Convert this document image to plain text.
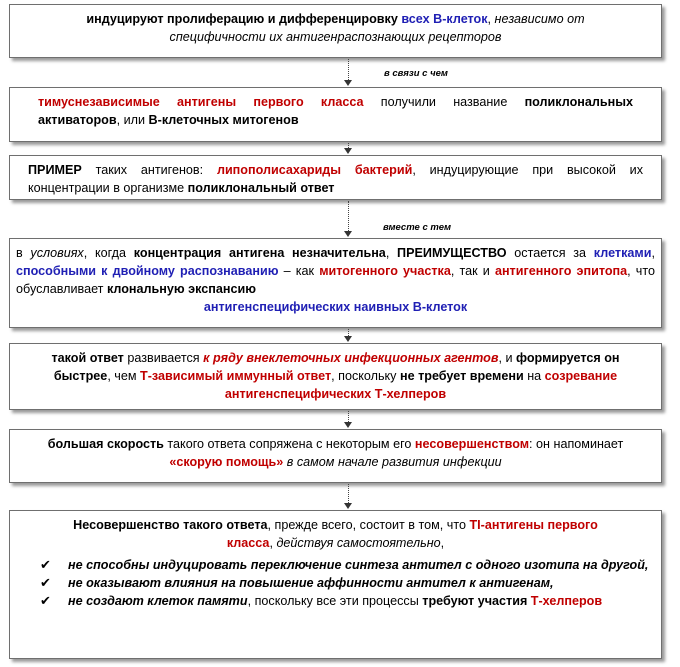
индуцируют пролиферацию и дифференцировку всех В-клеток, независимо от специфичности их антигенраспознающих рецепторов
в связи с чем
тимуснезависимые антигены первого класса получили название поликлональных активаторов, или В-клеточных митогенов
ПРИМЕР таких антигенов: липополисахариды бактерий, индуцирующие при высокой их концентрации в организме поликлональный ответ
вместе с тем
в условиях, когда концентрация антигена незначительна, ПРЕИМУЩЕСТВО остается за клетками, способными к двойному распознаванию – как митогенного участка, так и антигенного эпитопа, что обуславливает клональную экспансию
антигенспецифических наивных В-клеток
такой ответ развивается к ряду внеклеточных инфекционных агентов, и формируется он быстрее, чем Т-зависимый иммунный ответ, поскольку не требует времени на созревание антигенспецифических Т-хелперов
большая скорость такого ответа сопряжена с некоторым его несовершенством: он напоминает «скорую помощь» в самом начале развития инфекции
Несовершенство такого ответа, прежде всего, состоит в том, что TI-антигены первого класса, действуя самостоятельно,
✔ не способны индуцировать переключение синтеза антител с одного изотипа на другой,
✔ не оказывают влияния на повышение аффинности антител к антигенам,
✔ не создают клеток памяти, поскольку все эти процессы требуют участия Т-хелперов
